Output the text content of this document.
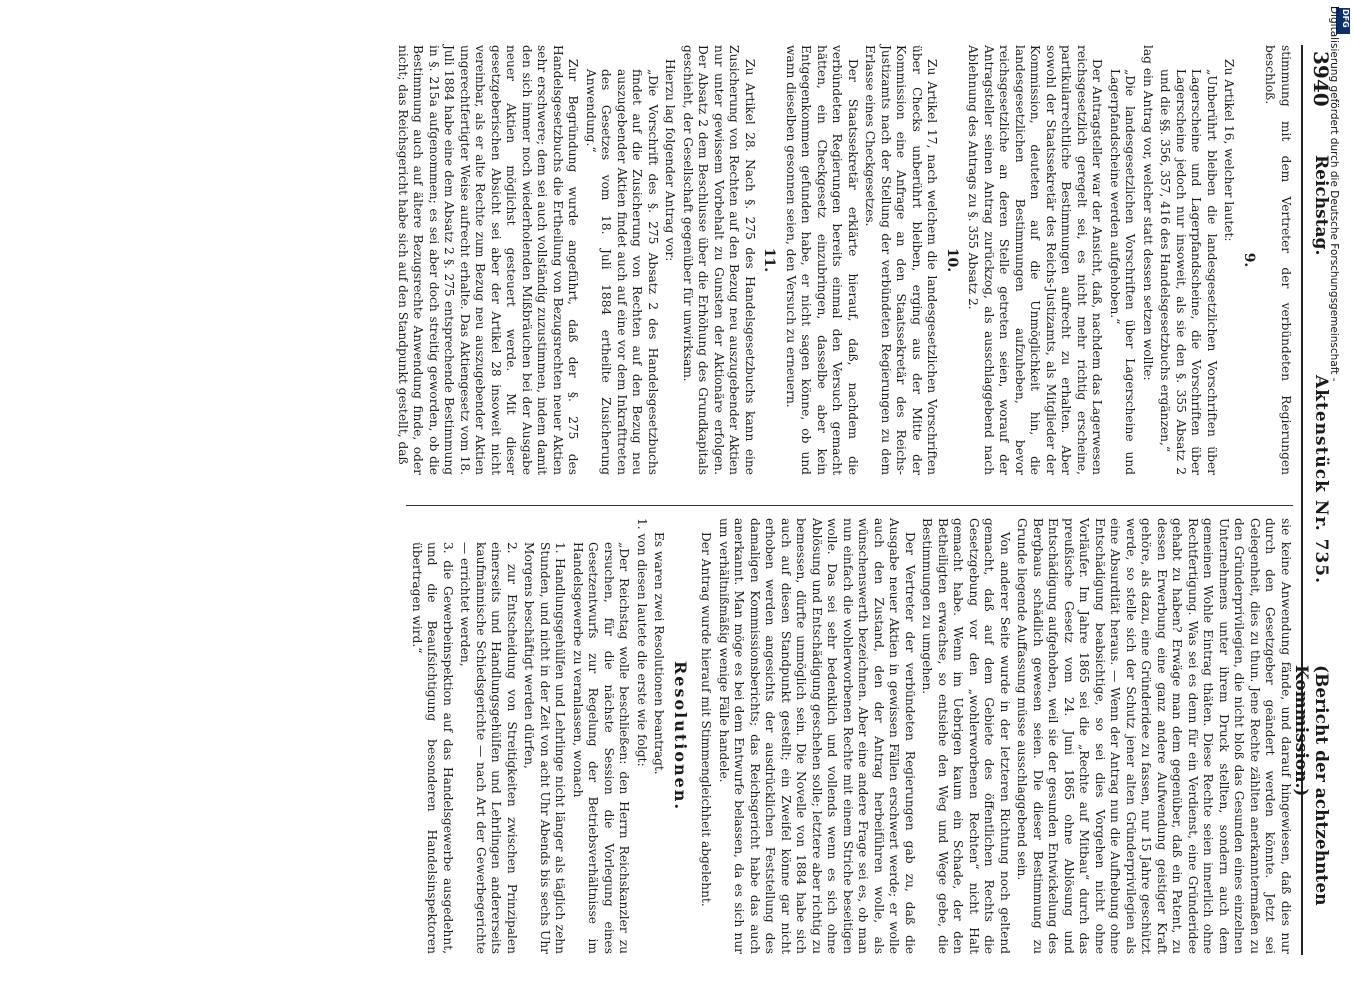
3940
Reichstag.
Aktenstück Nr. 735.
(Bericht der achtzehnten Kommission.)

stimmung mit dem Vertreter der verbündeten Regierungen beschloß.

9.

Zu Artikel 16, welcher lautet:

„Unberührt bleiben die landesgesetzlichen Vorschriften über Lagerscheine und Lagerpfandscheine, die Vorschriften über Lagerscheine jedoch nur insoweit, als sie den §. 355 Absatz 2 und die §§. 356, 357, 416 des Handelsgesetzbuchs ergänzen,“

lag ein Antrag vor, welcher statt dessen setzen wollte:

„Die landesgesetzlichen Vorschriften über Lagerscheine und Lagerpfandscheine werden aufgehoben.“

Der Antragsteller war der Ansicht, daß, nachdem das Lagerwesen reichsgesetzlich geregelt sei, es nicht mehr richtig erscheine, partikularrechtliche Bestimmungen aufrecht zu erhalten. Aber sowohl der Staatssekretär des Reichs-Justizamts, als Mitglieder der Kommission, deuteten auf die Unmöglichkeit hin, die landesgesetzlichen Bestimmungen aufzuheben, bevor reichsgesetzliche an deren Stelle getreten seien, worauf der Antragsteller seinen Antrag zurückzog, als ausschlaggebend nach Ablehnung des Antrags zu §. 355 Absatz 2.

10.

Zu Artikel 17, nach welchem die landesgesetzlichen Vorschriften über Checks unberührt bleiben, erging aus der Mitte der Kommission eine Anfrage an den Staatssekretär des Reichs-Justizamts nach der Stellung der verbündeten Regierungen zu dem Erlasse eines Checkgesetzes.

Der Staatssekretär erklärte hierauf, daß, nachdem die verbündeten Regierungen bereits einmal den Versuch gemacht hätten, ein Checkgesetz einzubringen, dasselbe aber kein Entgegenkommen gefunden habe, er nicht sagen könne, ob und wann dieselben gesonnen seien, den Versuch zu erneuern.

11.

Zu Artikel 28. Nach §. 275 des Handelsgesetzbuchs kann eine Zusicherung von Rechten auf den Bezug neu auszugebender Aktien nur unter gewissem Vorbehalt zu Gunsten der Aktionäre erfolgen. Der Absatz 2 dem Beschlusse über die Erhöhung des Grundkapitals geschieht, der Gesellschaft gegenüber für unwirksam.

Hierzu lag folgender Antrag vor:

„Die Vorschrift des §. 275 Absatz 2 des Handelsgesetzbuchs findet auf die Zusicherung von Rechten auf den Bezug neu auszugebender Aktien findet auch auf eine vor dem Inkrafttreten des Gesetzes vom 18. Juli 1884 ertheilte Zusicherung Anwendung.“

Zur Begründung wurde angeführt, daß der §. 275 des Handelsgesetzbuchs die Ertheilung von Bezugsrechten neuer Aktien sehr erschwere; dem sei auch vollständig zuzustimmen, indem damit den sich immer noch wiederholenden Mißbräuchen bei der Ausgabe neuer Aktien möglichst gesteuert werde. Mit dieser gesetzgeberischen Absicht sei aber der Artikel 28 insoweit nicht vereinbar, als er alte Rechte zum Bezug neu auszugebender Aktien ungerechtfertigter Weise aufrecht erhalte. Das Aktiengesetz vom 18. Juli 1884 habe eine dem Absatz 2 §. 275 entsprechende Bestimmung in §. 215a aufgenommen; es sei aber doch streitig geworden, ob die Bestimmung auch auf ältere Bezugsrechte Anwendung finde, oder nicht; das Reichsgericht habe sich auf den Standpunkt gestellt, daß

sie keine Anwendung fände, und darauf hingewiesen, daß dies nur durch den Gesetzgeber geändert werden könnte. Jetzt sei Gelegenheit, dies zu thun. Jene Rechte zählten anerkanntermaßen zu den Gründerprivilegien, die nicht bloß das Gesunden eines einzelnen Unternehmens unter ihrem Druck stellten, sondern auch dem gemeinen Wohle Eintrag thäten. Diese Rechte seien innerlich ohne Rechtfertigung. Was sei es denn für ein Verdienst, eine Gründeridee gehabt zu haben? Erwäge man dem gegenüber, daß ein Patent, zu dessen Erwerbung eine ganz andere Aufwendung geistiger Kraft gehöre, als dazu, eine Gründeridee zu fassen, nur 15 Jahre geschützt werde, so stelle sich der Schutz jener alten Gründerprivilegien als eine Absurdität heraus. — Wenn der Antrag nun die Aufhebung ohne Entschädigung beabsichtige, so sei dies Vorgehen nicht ohne Vorläufer. Im Jahre 1865 sei die „Rechte auf Mitbau“ durch das preußische Gesetz vom 24. Juni 1865 ohne Ablösung und Entschädigung aufgehoben, weil sie der gesunden Entwickelung des Bergbaus schädlich gewesen seien. Die dieser Bestimmung zu Grunde liegende Auffassung müsse ausschlaggebend sein.

Von anderer Seite wurde in der letzteren Richtung noch geltend gemacht, daß auf dem Gebiete des öffentlichen Rechts die Gesetzgebung vor den „wohlerworbenen Rechten“ nicht Halt gemacht habe. Wenn im Uebrigen kaum ein Schade, der den Betheiligten erwachse, so entsiehe den Weg und Wege gebe, die Bestimmungen zu umgehen.

Der Vertreter der verbündeten Regierungen gab zu, daß die Ausgabe neuer Aktien in gewissen Fällen erschwert werde; er wolle auch den Zustand, den der Antrag herbeiführen wolle, als wünschenswerth bezeichnen. Aber eine andere Frage sei es, ob man nun einfach die wohlerworbenen Rechte mit einem Striche beseitigen wolle. Das sei sehr bedenklich und vollends wenn es sich ohne Ablösung und Entschädigung geschehen solle; letztere aber richtig zu bemessen, dürfte unmöglich sein. Die Novelle von 1884 habe sich auch auf diesen Standpunkt gestellt; ein Zweifel könne gar nicht erhoben werden angesichts der ausdrücklichen Feststellung des damaligen Kommissionsberichts; das Reichsgericht habe das auch anerkannt. Man möge es bei dem Entwurfe belassen, da es sich nur um verhältnißmäßig wenige Fälle handele.

Der Antrag wurde hierauf mit Stimmengleichheit abgelehnt.

Resolutionen.

Es waren zwei Resolutionen beantragt.

1. von diesen lautete die erste wie folgt:

„Der Reichstag wolle beschließen: den Herrn Reichskanzler zu ersuchen, für die nächste Session die Vorlegung eines Gesetzentwurfs zur Regelung der Betriebsverhältnisse im Handelsgewerbe zu veranlassen, wonach

1. Handlungsgehülfen und Lehrlinge nicht länger als täglich zehn Stunden, und nicht in der Zeit von acht Uhr Abends bis sechs Uhr Morgens beschäftigt werden dürfen,

2. zur Entscheidung von Streitigkeiten zwischen Prinzipalen einerseits und Handlungsgehülfen und Lehrlingen andererseits kaufmännische Schiedsgerichte — nach Art der Gewerbegerichte — errichtet werden,

3. die Gewerbeinspektion auf das Handelsgewerbe ausgedehnt, und die Beaufsichtigung besonderen Handelsinspektoren übertragen wird.“

DFG
Digitalisierung gefördert durch die Deutsche Forschungsgemeinschaft -
